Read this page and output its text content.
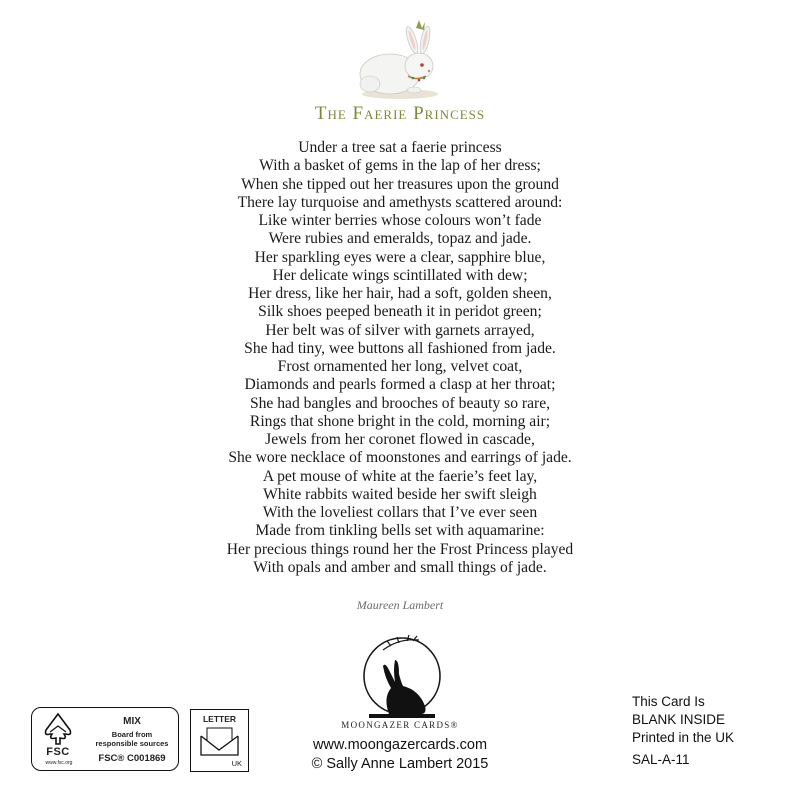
The Faerie Princess
Under a tree sat a faerie princess
With a basket of gems in the lap of her dress;
When she tipped out her treasures upon the ground
There lay turquoise and amethysts scattered around:
Like winter berries whose colours won’t fade
Were rubies and emeralds, topaz and jade.
Her sparkling eyes were a clear, sapphire blue,
Her delicate wings scintillated with dew;
Her dress, like her hair, had a soft, golden sheen,
Silk shoes peeped beneath it in peridot green;
Her belt was of silver with garnets arrayed,
She had tiny, wee buttons all fashioned from jade.
Frost ornamented her long, velvet coat,
Diamonds and pearls formed a clasp at her throat;
She had bangles and brooches of beauty so rare,
Rings that shone bright in the cold, morning air;
Jewels from her coronet flowed in cascade,
She wore necklace of moonstones and earrings of jade.
A pet mouse of white at the faerie’s feet lay,
White rabbits waited beside her swift sleigh
With the loveliest collars that I’ve ever seen
Made from tinkling bells set with aquamarine:
Her precious things round her the Frost Princess played
With opals and amber and small things of jade.
Maureen Lambert
MOONGAZER CARDS®
www.moongazercards.com
© Sally Anne Lambert 2015
FSC
www.fsc.org
MIX
Board from
responsible sources
FSC® C001869
LETTER
UK
This Card Is
BLANK INSIDE
Printed in the UK
SAL-A-11
